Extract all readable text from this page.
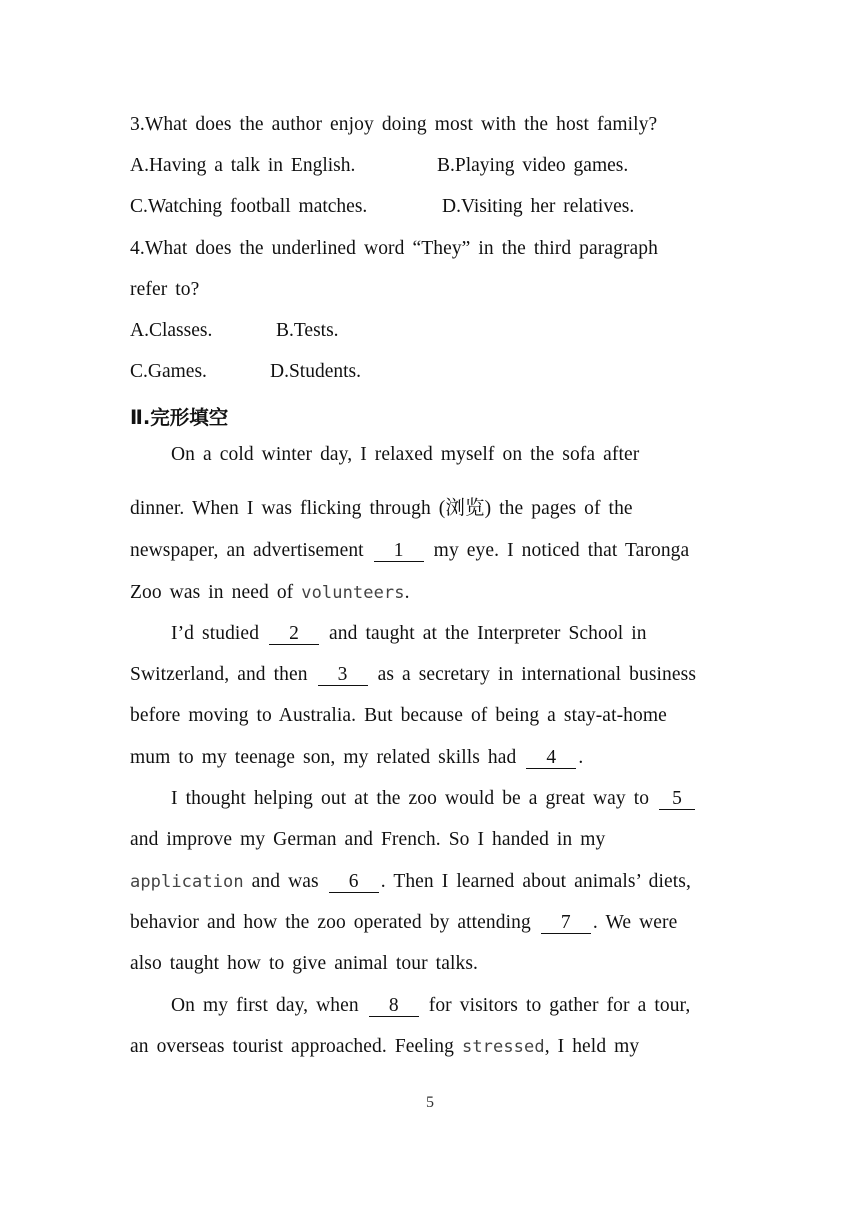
3.What does the author enjoy doing most with the host family?
A.Having a talk in English.	B.Playing video games.
C.Watching football matches.	D.Visiting her relatives.
4.What does the underlined word “They” in the third paragraph
refer to?
A.Classes.	B.Tests.
C.Games.	D.Students.
Ⅱ.完形填空
On a cold winter day, I relaxed myself on the sofa after
dinner. When I was flicking through (浏览) the pages of the
newspaper, an advertisement 1 my eye. I noticed that Taronga
Zoo was in need of volunteers.
I’d studied 2 and taught at the Interpreter School in
Switzerland, and then 3 as a secretary in international business
before moving to Australia. But because of being a stay-at-home
mum to my teenage son, my related skills had 4 .
I thought helping out at the zoo would be a great way to 5
and improve my German and French. So I handed in my
application and was 6 . Then I learned about animals’ diets,
behavior and how the zoo operated by attending 7 . We were
also taught how to give animal tour talks.
On my first day, when 8 for visitors to gather for a tour,
an overseas tourist approached. Feeling stressed, I held my
5
